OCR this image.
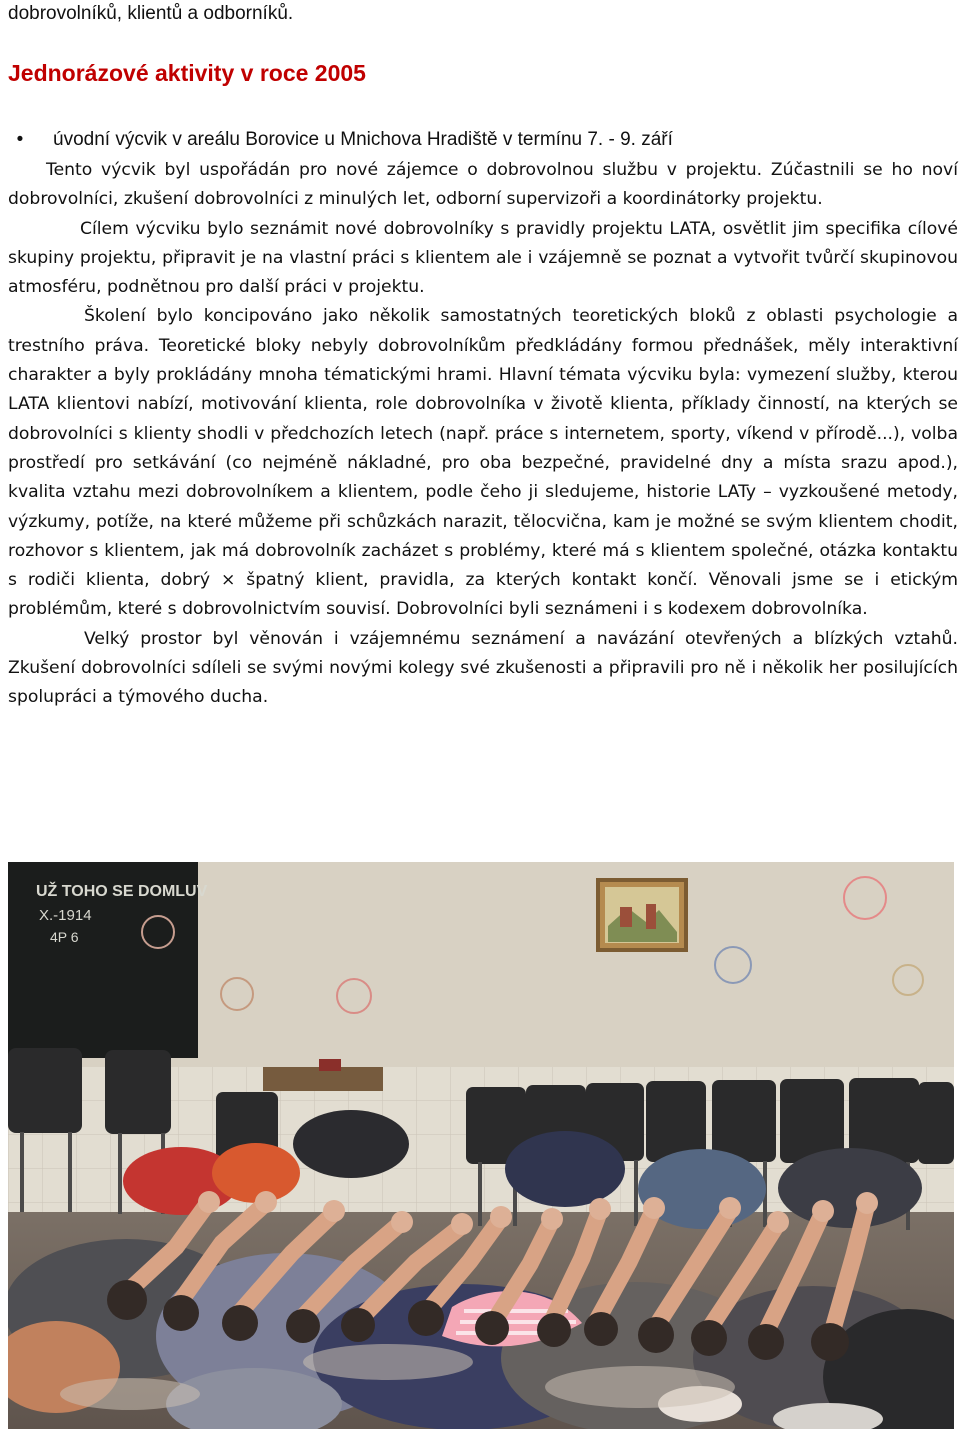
dobrovolníků, klientů a odborníků.
Jednorázové aktivity v roce 2005
•	úvodní výcvik v areálu Borovice u Mnichova Hradiště v termínu 7. - 9. září

Tento výcvik byl uspořádán pro nové zájemce o dobrovolnou službu v projektu. Zúčastnili se ho noví dobrovolníci, zkušení dobrovolníci z minulých let, odborní supervizoři a koordinátorky projektu.

Cílem výcviku bylo seznámit nové dobrovolníky s pravidly projektu LATA, osvětlit jim specifika cílové skupiny projektu, připravit je na vlastní práci s klientem ale i vzájemně se poznat a vytvořit tvůrčí skupinovou atmosféru, podnětnou pro další práci v projektu.

Školení bylo koncipováno jako několik samostatných teoretických bloků z oblasti psychologie a trestního práva. Teoretické bloky nebyly dobrovolníkům předkládány formou přednášek, měly interaktivní charakter a byly prokládány mnoha tématickými hrami. Hlavní témata výcviku byla: vymezení služby, kterou LATA klientovi nabízí, motivování klienta, role dobrovolníka v životě klienta, příklady činností, na kterých se dobrovolníci s klienty shodli v předchozích letech (např. práce s internetem, sporty, víkend v přírodě...), volba prostředí pro setkávání (co nejméně nákladné, pro oba bezpečné, pravidelné dny a místa srazu apod.), kvalita vztahu mezi dobrovolníkem a klientem, podle čeho ji sledujeme, historie LATy – vyzkoušené metody, výzkumy, potíže, na které můžeme při schůzkách narazit, tělocvična, kam je možné se svým klientem chodit, rozhovor s klientem, jak má dobrovolník zacházet s problémy, které má s klientem společné, otázka kontaktu s rodiči klienta, dobrý × špatný klient, pravidla, za kterých kontakt končí. Věnovali jsme se i etickým problémům, které s dobrovolnictvím souvisí. Dobrovolníci byli seznámeni i s kodexem dobrovolníka.

Velký prostor byl věnován i vzájemnému seznámení a navázání otevřených a blízkých vztahů. Zkušení dobrovolníci sdíleli se svými novými kolegy své zkušenosti a připravili pro ně i několik her posilujících spolupráci a týmového ducha.

UŽ TOHO SE DOMLUV
X.-1914
4P 6
